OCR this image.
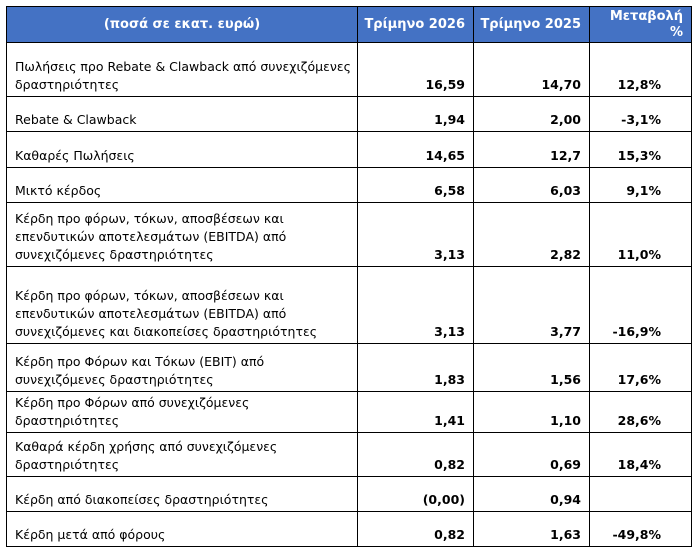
(ποσά σε εκατ. ευρώ)	Τρίμηνο 2026	Τρίμηνο 2025	Μεταβολή %
Πωλήσεις προ Rebate & Clawback από συνεχιζόμενες δραστηριότητες	16,59	14,70	12,8%
Rebate & Clawback	1,94	2,00	-3,1%
Καθαρές Πωλήσεις	14,65	12,7	15,3%
Μικτό κέρδος	6,58	6,03	9,1%
Κέρδη προ φόρων, τόκων, αποσβέσεων και επενδυτικών αποτελεσμάτων (EBITDA) από συνεχιζόμενες δραστηριότητες	3,13	2,82	11,0%
Κέρδη προ φόρων, τόκων, αποσβέσεων και επενδυτικών αποτελεσμάτων (EBITDA) από συνεχιζόμενες και διακοπείσες δραστηριότητες	3,13	3,77	-16,9%
Κέρδη προ Φόρων και Τόκων (EBIT) από συνεχιζόμενες δραστηριότητες	1,83	1,56	17,6%
Κέρδη προ Φόρων από συνεχιζόμενες δραστηριότητες	1,41	1,10	28,6%
Καθαρά κέρδη χρήσης από συνεχιζόμενες δραστηριότητες	0,82	0,69	18,4%
Κέρδη από διακοπείσες δραστηριότητες	(0,00)	0,94	
Κέρδη μετά από φόρους	0,82	1,63	-49,8%
